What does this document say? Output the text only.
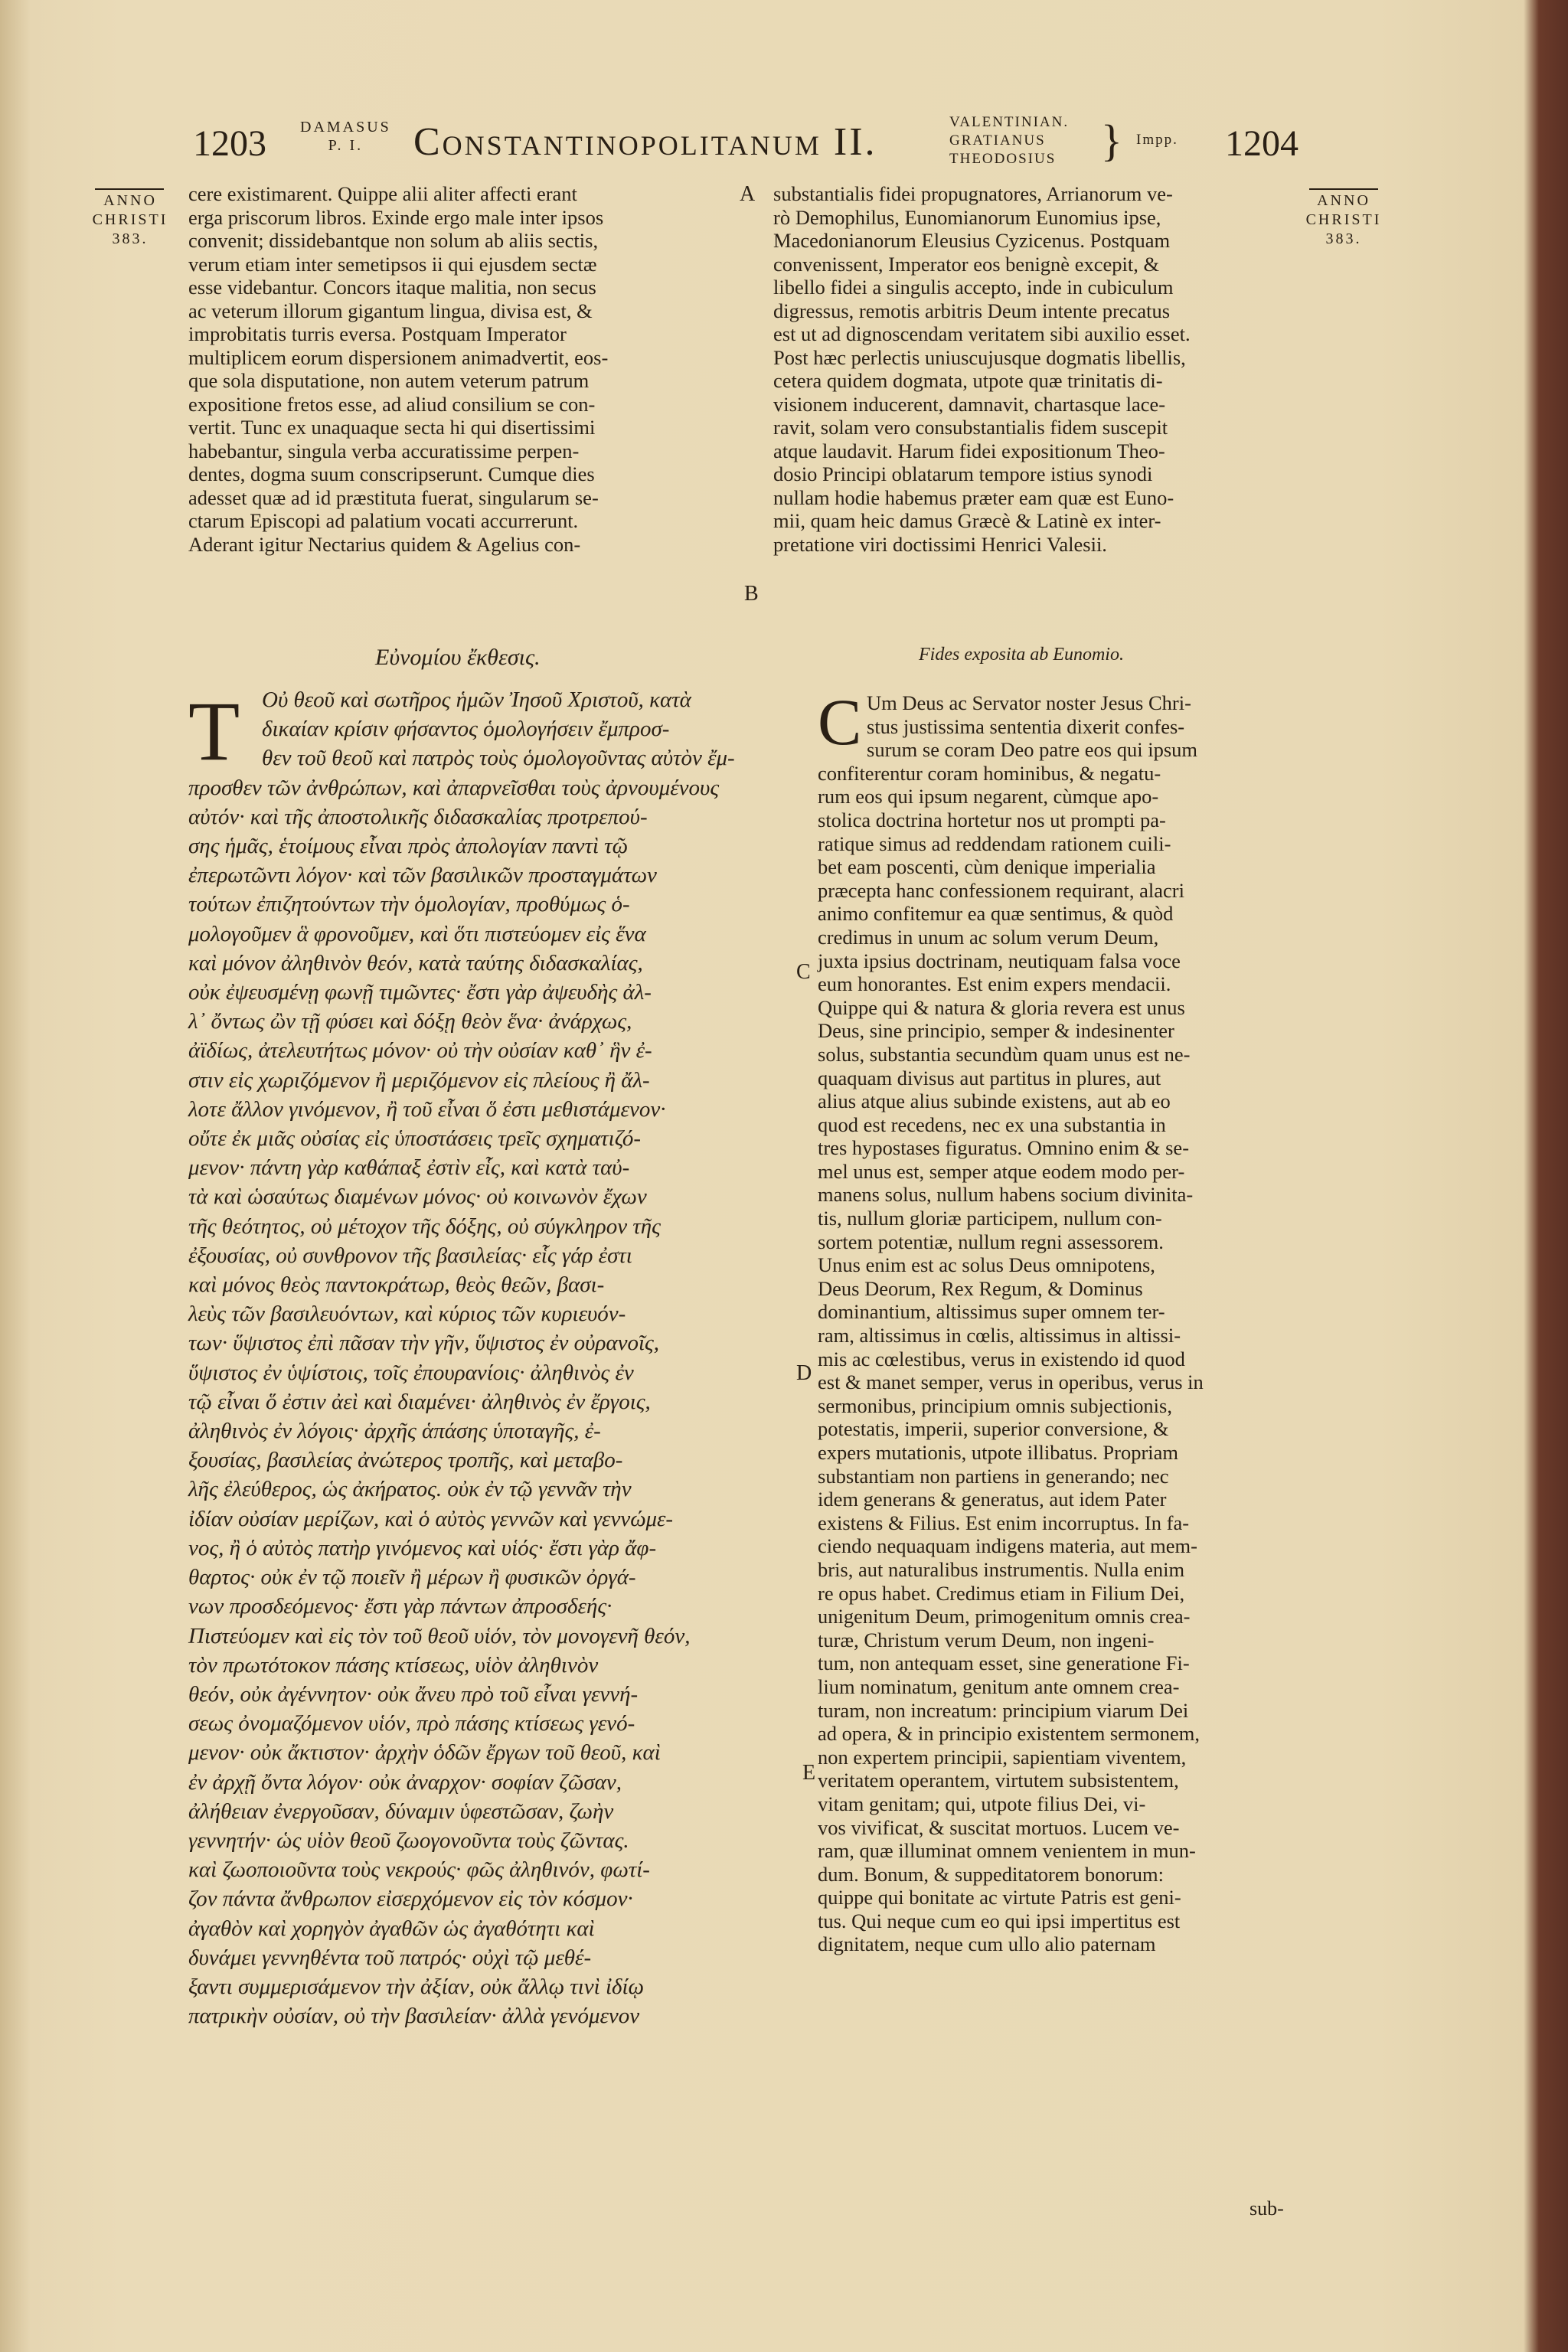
1203 DAMASUS
P. I.	Constantinopolitanum II.	VALENTINIAN.
GRATIANUS
THEODOSIUS } Impp. 1204
ANNO
CHRISTI
383.
ANNO
CHRISTI
383.
cere existimarent. Quippe alii aliter affecti erant
erga priscorum libros. Exinde ergo male inter ipsos
convenit; dissidebantque non solum ab aliis sectis,
verum etiam inter semetipsos ii qui ejusdem sectæ
esse videbantur. Concors itaque malitia, non secus
ac veterum illorum gigantum lingua, divisa est, &
improbitatis turris eversa. Postquam Imperator
multiplicem eorum dispersionem animadvertit, eos-
que sola disputatione, non autem veterum patrum
expositione fretos esse, ad aliud consilium se con-
vertit. Tunc ex unaquaque secta hi qui disertissimi
habebantur, singula verba accuratissime perpen-
dentes, dogma suum conscripserunt. Cumque dies
adesset quæ ad id præstituta fuerat, singularum se-
ctarum Episcopi ad palatium vocati accurrerunt.
Aderant igitur Nectarius quidem & Agelius con-
substantialis fidei propugnatores, Arrianorum ve-
rò Demophilus, Eunomianorum Eunomius ipse,
Macedonianorum Eleusius Cyzicenus. Postquam
convenissent, Imperator eos benignè excepit, &
libello fidei a singulis accepto, inde in cubiculum
digressus, remotis arbitris Deum intente precatus
est ut ad dignoscendam veritatem sibi auxilio esset.
Post hæc perlectis uniuscujusque dogmatis libellis,
cetera quidem dogmata, utpote quæ trinitatis di-
visionem inducerent, damnavit, chartasque lace-
ravit, solam vero consubstantialis fidem suscepit
atque laudavit. Harum fidei expositionum Theo-
dosio Principi oblatarum tempore istius synodi
nullam hodie habemus præter eam quæ est Euno-
mii, quam heic damus Græcè & Latinè ex inter-
pretatione viri doctissimi Henrici Valesii.
A
B
C
D
E
Εὐνομίου ἔκθεσις.	Fides exposita ab Eunomio.
T Οὐ θεοῦ καὶ σωτῆρος ἡμῶν Ἰησοῦ Χριστοῦ, κατὰ
δικαίαν κρίσιν φήσαντος ὁμολογήσειν ἔμπροσ-
θεν τοῦ θεοῦ καὶ πατρὸς τοὺς ὁμολογοῦντας αὐτὸν ἔμ-
προσθεν τῶν ἀνθρώπων, καὶ ἀπαρνεῖσθαι τοὺς ἀρνουμένους
αὐτόν· καὶ τῆς ἀποστολικῆς διδασκαλίας προτρεπού-
σης ἡμᾶς, ἑτοίμους εἶναι πρὸς ἀπολογίαν παντὶ τῷ
ἐπερωτῶντι λόγον· καὶ τῶν βασιλικῶν προσταγμάτων
τούτων ἐπιζητούντων τὴν ὁμολογίαν, προθύμως ὁ-
μολογοῦμεν ἃ φρονοῦμεν, καὶ ὅτι πιστεύομεν εἰς ἕνα
καὶ μόνον ἀληθινὸν θεόν, κατὰ ταύτης διδασκαλίας,
οὐκ ἐψευσμένῃ φωνῇ τιμῶντες· ἔστι γὰρ ἀψευδὴς ἀλ-
λ᾽ ὄντως ὢν τῇ φύσει καὶ δόξῃ θεὸν ἕνα· ἀνάρχως,
ἀϊδίως, ἀτελευτήτως μόνον· οὐ τὴν οὐσίαν καθ᾽ ἣν ἐ-
στιν εἰς χωριζόμενον ἢ μεριζόμενον εἰς πλείους ἢ ἄλ-
λοτε ἄλλον γινόμενον, ἢ τοῦ εἶναι ὅ ἐστι μεθιστάμενον·
οὔτε ἐκ μιᾶς οὐσίας εἰς ὑποστάσεις τρεῖς σχηματιζό-
μενον· πάντη γὰρ καθάπαξ ἐστὶν εἷς, καὶ κατὰ ταὐ-
τὰ καὶ ὡσαύτως διαμένων μόνος· οὐ κοινωνὸν ἔχων
τῆς θεότητος, οὐ μέτοχον τῆς δόξης, οὐ σύγκληρον τῆς
ἐξουσίας, οὐ συνθρονον τῆς βασιλείας· εἷς γάρ ἐστι
καὶ μόνος θεὸς παντοκράτωρ, θεὸς θεῶν, βασι-
λεὺς τῶν βασιλευόντων, καὶ κύριος τῶν κυριευόν-
των· ὕψιστος ἐπὶ πᾶσαν τὴν γῆν, ὕψιστος ἐν οὐρανοῖς,
ὕψιστος ἐν ὑψίστοις, τοῖς ἐπουρανίοις· ἀληθινὸς ἐν
τῷ εἶναι ὅ ἐστιν ἀεὶ καὶ διαμένει· ἀληθινὸς ἐν ἔργοις,
ἀληθινὸς ἐν λόγοις· ἀρχῆς ἁπάσης ὑποταγῆς, ἐ-
ξουσίας, βασιλείας ἀνώτερος τροπῆς, καὶ μεταβο-
λῆς ἐλεύθερος, ὡς ἀκήρατος. οὐκ ἐν τῷ γεννᾶν τὴν
ἰδίαν οὐσίαν μερίζων, καὶ ὁ αὐτὸς γεννῶν καὶ γεννώμε-
νος, ἢ ὁ αὐτὸς πατὴρ γινόμενος καὶ υἱός· ἔστι γὰρ ἄφ-
θαρτος· οὐκ ἐν τῷ ποιεῖν ἢ μέρων ἢ φυσικῶν ὀργά-
νων προσδεόμενος· ἔστι γὰρ πάντων ἀπροσδεής·
Πιστεύομεν καὶ εἰς τὸν τοῦ θεοῦ υἱόν, τὸν μονογενῆ θεόν,
τὸν πρωτότοκον πάσης κτίσεως, υἱὸν ἀληθινὸν
θεόν, οὐκ ἀγέννητον· οὐκ ἄνευ πρὸ τοῦ εἶναι γεννή-
σεως ὀνομαζόμενον υἱόν, πρὸ πάσης κτίσεως γενό-
μενον· οὐκ ἄκτιστον· ἀρχὴν ὁδῶν ἔργων τοῦ θεοῦ, καὶ
ἐν ἀρχῇ ὄντα λόγον· οὐκ ἀναρχον· σοφίαν ζῶσαν,
ἀλήθειαν ἐνεργοῦσαν, δύναμιν ὑφεστῶσαν, ζωὴν
γεννητήν· ὡς υἱὸν θεοῦ ζωογονοῦντα τοὺς ζῶντας.
καὶ ζωοποιοῦντα τοὺς νεκρούς· φῶς ἀληθινόν, φωτί-
ζον πάντα ἄνθρωπον εἰσερχόμενον εἰς τὸν κόσμον·
ἀγαθὸν καὶ χορηγὸν ἀγαθῶν ὡς ἀγαθότητι καὶ
δυνάμει γεννηθέντα τοῦ πατρός· οὐχὶ τῷ μεθέ-
ξαντι συμμερισάμενον τὴν ἀξίαν, οὐκ ἄλλῳ τινὶ ἰδίῳ
πατρικὴν οὐσίαν, οὐ τὴν βασιλείαν· ἀλλὰ γενόμενον
C Um Deus ac Servator noster Jesus Chri-
stus justissima sententia dixerit confes-
surum se coram Deo patre eos qui ipsum
confiterentur coram hominibus, & negatu-
rum eos qui ipsum negarent, cùmque apo-
stolica doctrina hortetur nos ut prompti pa-
ratique simus ad reddendam rationem cuili-
bet eam poscenti, cùm denique imperialia
præcepta hanc confessionem requirant, alacri
animo confitemur ea quæ sentimus, & quòd
credimus in unum ac solum verum Deum,
juxta ipsius doctrinam, neutiquam falsa voce
eum honorantes. Est enim expers mendacii.
Quippe qui & natura & gloria revera est unus
Deus, sine principio, semper & indesinenter
solus, substantia secundùm quam unus est ne-
quaquam divisus aut partitus in plures, aut
alius atque alius subinde existens, aut ab eo
quod est recedens, nec ex una substantia in
tres hypostases figuratus. Omnino enim & se-
mel unus est, semper atque eodem modo per-
manens solus, nullum habens socium divinita-
tis, nullum gloriæ participem, nullum con-
sortem potentiæ, nullum regni assessorem.
Unus enim est ac solus Deus omnipotens,
Deus Deorum, Rex Regum, & Dominus
dominantium, altissimus super omnem ter-
ram, altissimus in cœlis, altissimus in altissi-
mis ac cœlestibus, verus in existendo id quod
est & manet semper, verus in operibus, verus in
sermonibus, principium omnis subjectionis,
potestatis, imperii, superior conversione, &
expers mutationis, utpote illibatus. Propriam
substantiam non partiens in generando; nec
idem generans & generatus, aut idem Pater
existens & Filius. Est enim incorruptus. In fa-
ciendo nequaquam indigens materia, aut mem-
bris, aut naturalibus instrumentis. Nulla enim
re opus habet. Credimus etiam in Filium Dei,
unigenitum Deum, primogenitum omnis crea-
turæ, Christum verum Deum, non ingeni-
tum, non antequam esset, sine generatione Fi-
lium nominatum, genitum ante omnem crea-
turam, non increatum: principium viarum Dei
ad opera, & in principio existentem sermonem,
non expertem principii, sapientiam viventem,
veritatem operantem, virtutem subsistentem,
vitam genitam; qui, utpote filius Dei, vi-
vos vivificat, & suscitat mortuos. Lucem ve-
ram, quæ illuminat omnem venientem in mun-
dum. Bonum, & suppeditatorem bonorum:
quippe qui bonitate ac virtute Patris est geni-
tus. Qui neque cum eo qui ipsi impertitus est
dignitatem, neque cum ullo alio paternam
sub-
